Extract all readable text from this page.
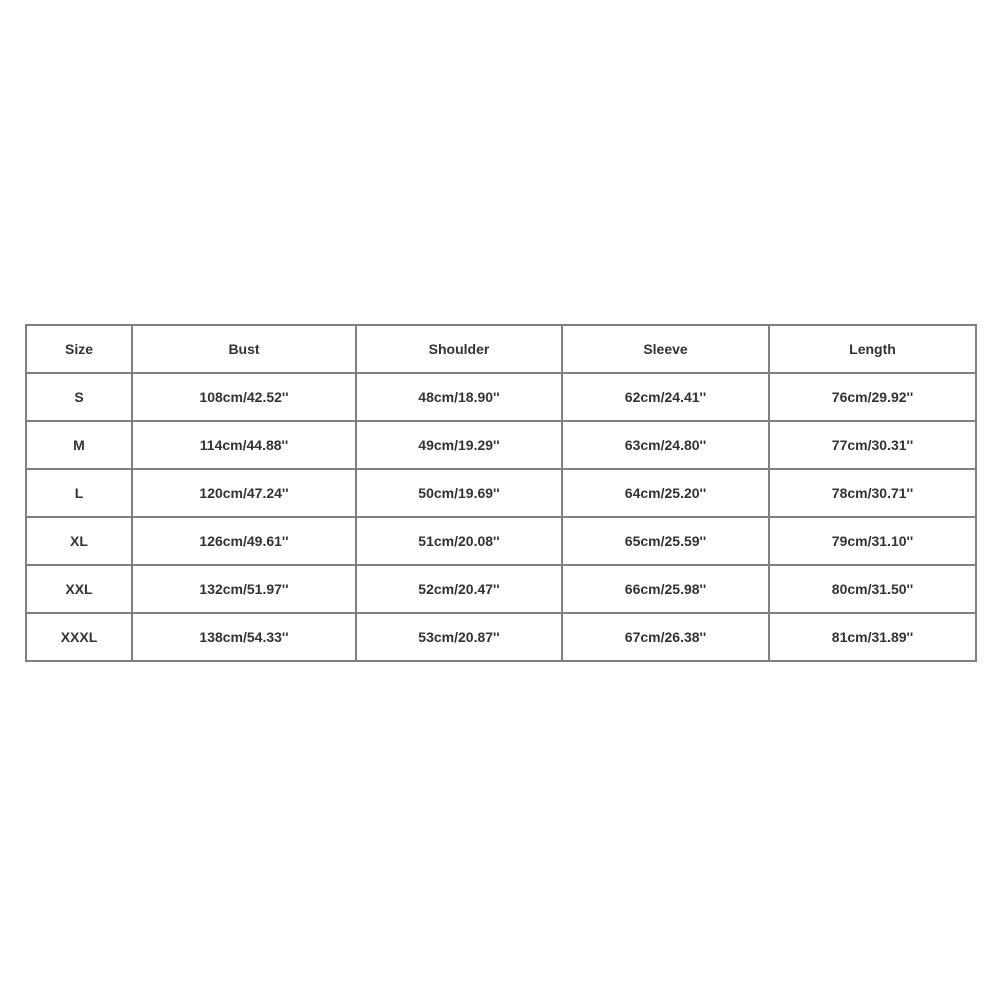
Size	Bust	Shoulder	Sleeve	Length
S	108cm/42.52''	48cm/18.90''	62cm/24.41''	76cm/29.92''
M	114cm/44.88''	49cm/19.29''	63cm/24.80''	77cm/30.31''
L	120cm/47.24''	50cm/19.69''	64cm/25.20''	78cm/30.71''
XL	126cm/49.61''	51cm/20.08''	65cm/25.59''	79cm/31.10''
XXL	132cm/51.97''	52cm/20.47''	66cm/25.98''	80cm/31.50''
XXXL	138cm/54.33''	53cm/20.87''	67cm/26.38''	81cm/31.89''
